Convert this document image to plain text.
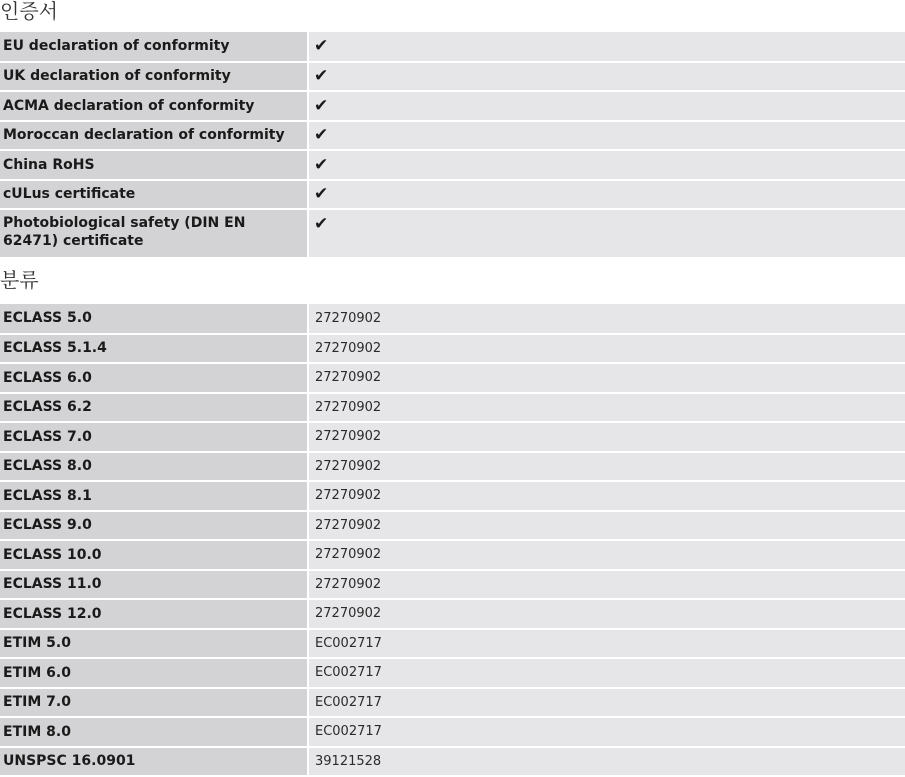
인증서
EU declaration of conformity	✔
UK declaration of conformity	✔
ACMA declaration of conformity	✔
Moroccan declaration of conformity	✔
China RoHS	✔
cULus certificate	✔
Photobiological safety (DIN EN 62471) certificate	✔
분류
ECLASS 5.0	27270902
ECLASS 5.1.4	27270902
ECLASS 6.0	27270902
ECLASS 6.2	27270902
ECLASS 7.0	27270902
ECLASS 8.0	27270902
ECLASS 8.1	27270902
ECLASS 9.0	27270902
ECLASS 10.0	27270902
ECLASS 11.0	27270902
ECLASS 12.0	27270902
ETIM 5.0	EC002717
ETIM 6.0	EC002717
ETIM 7.0	EC002717
ETIM 8.0	EC002717
UNSPSC 16.0901	39121528
